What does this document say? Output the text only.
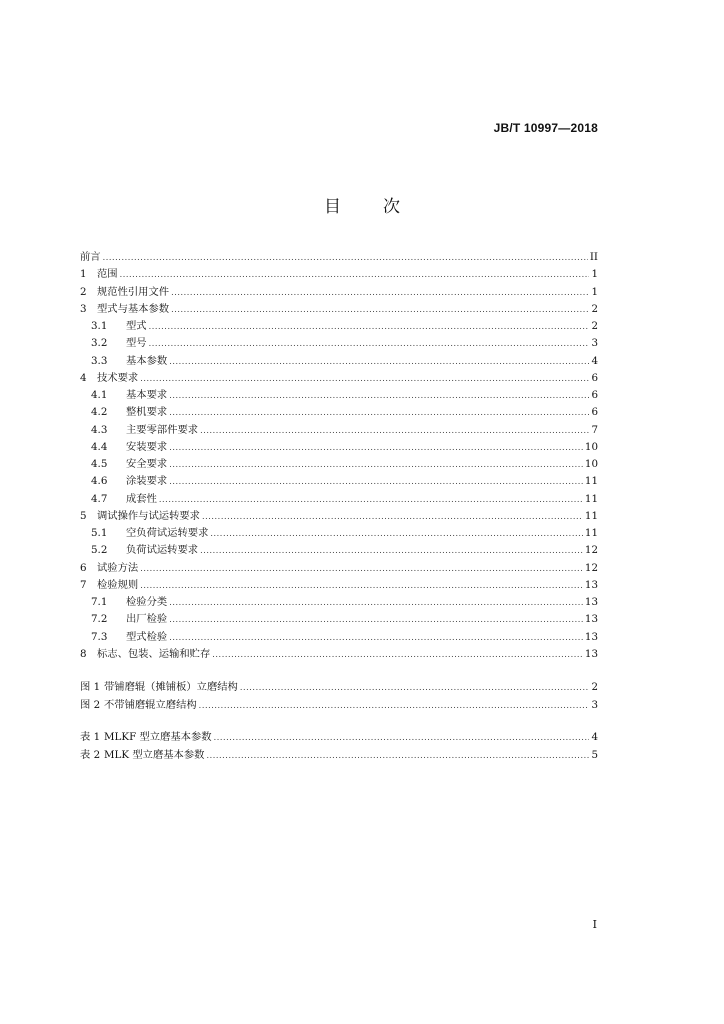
JB/T 10997—2018
目 次
前言 .....	II
1	范围 .....	1
2	规范性引用文件 .....	1
3	型式与基本参数 .....	2
3.1	型式 .....	2
3.2	型号 .....	3
3.3	基本参数 .....	4
4	技术要求 .....	6
4.1	基本要求 .....	6
4.2	整机要求 .....	6
4.3	主要零部件要求 .....	7
4.4	安装要求 .....	10
4.5	安全要求 .....	10
4.6	涂装要求 .....	11
4.7	成套性 .....	11
5	调试操作与试运转要求 .....	11
5.1	空负荷试运转要求 .....	11
5.2	负荷试运转要求 .....	12
6	试验方法 .....	12
7	检验规则 .....	13
7.1	检验分类 .....	13
7.2	出厂检验 .....	13
7.3	型式检验 .....	13
8	标志、包装、运输和贮存 .....	13
图 1 带铺磨辊（摊铺板）立磨结构 .....	2
图 2 不带铺磨辊立磨结构 .....	3
表 1 MLKF 型立磨基本参数 .....	4
表 2 MLK 型立磨基本参数 .....	5
I
